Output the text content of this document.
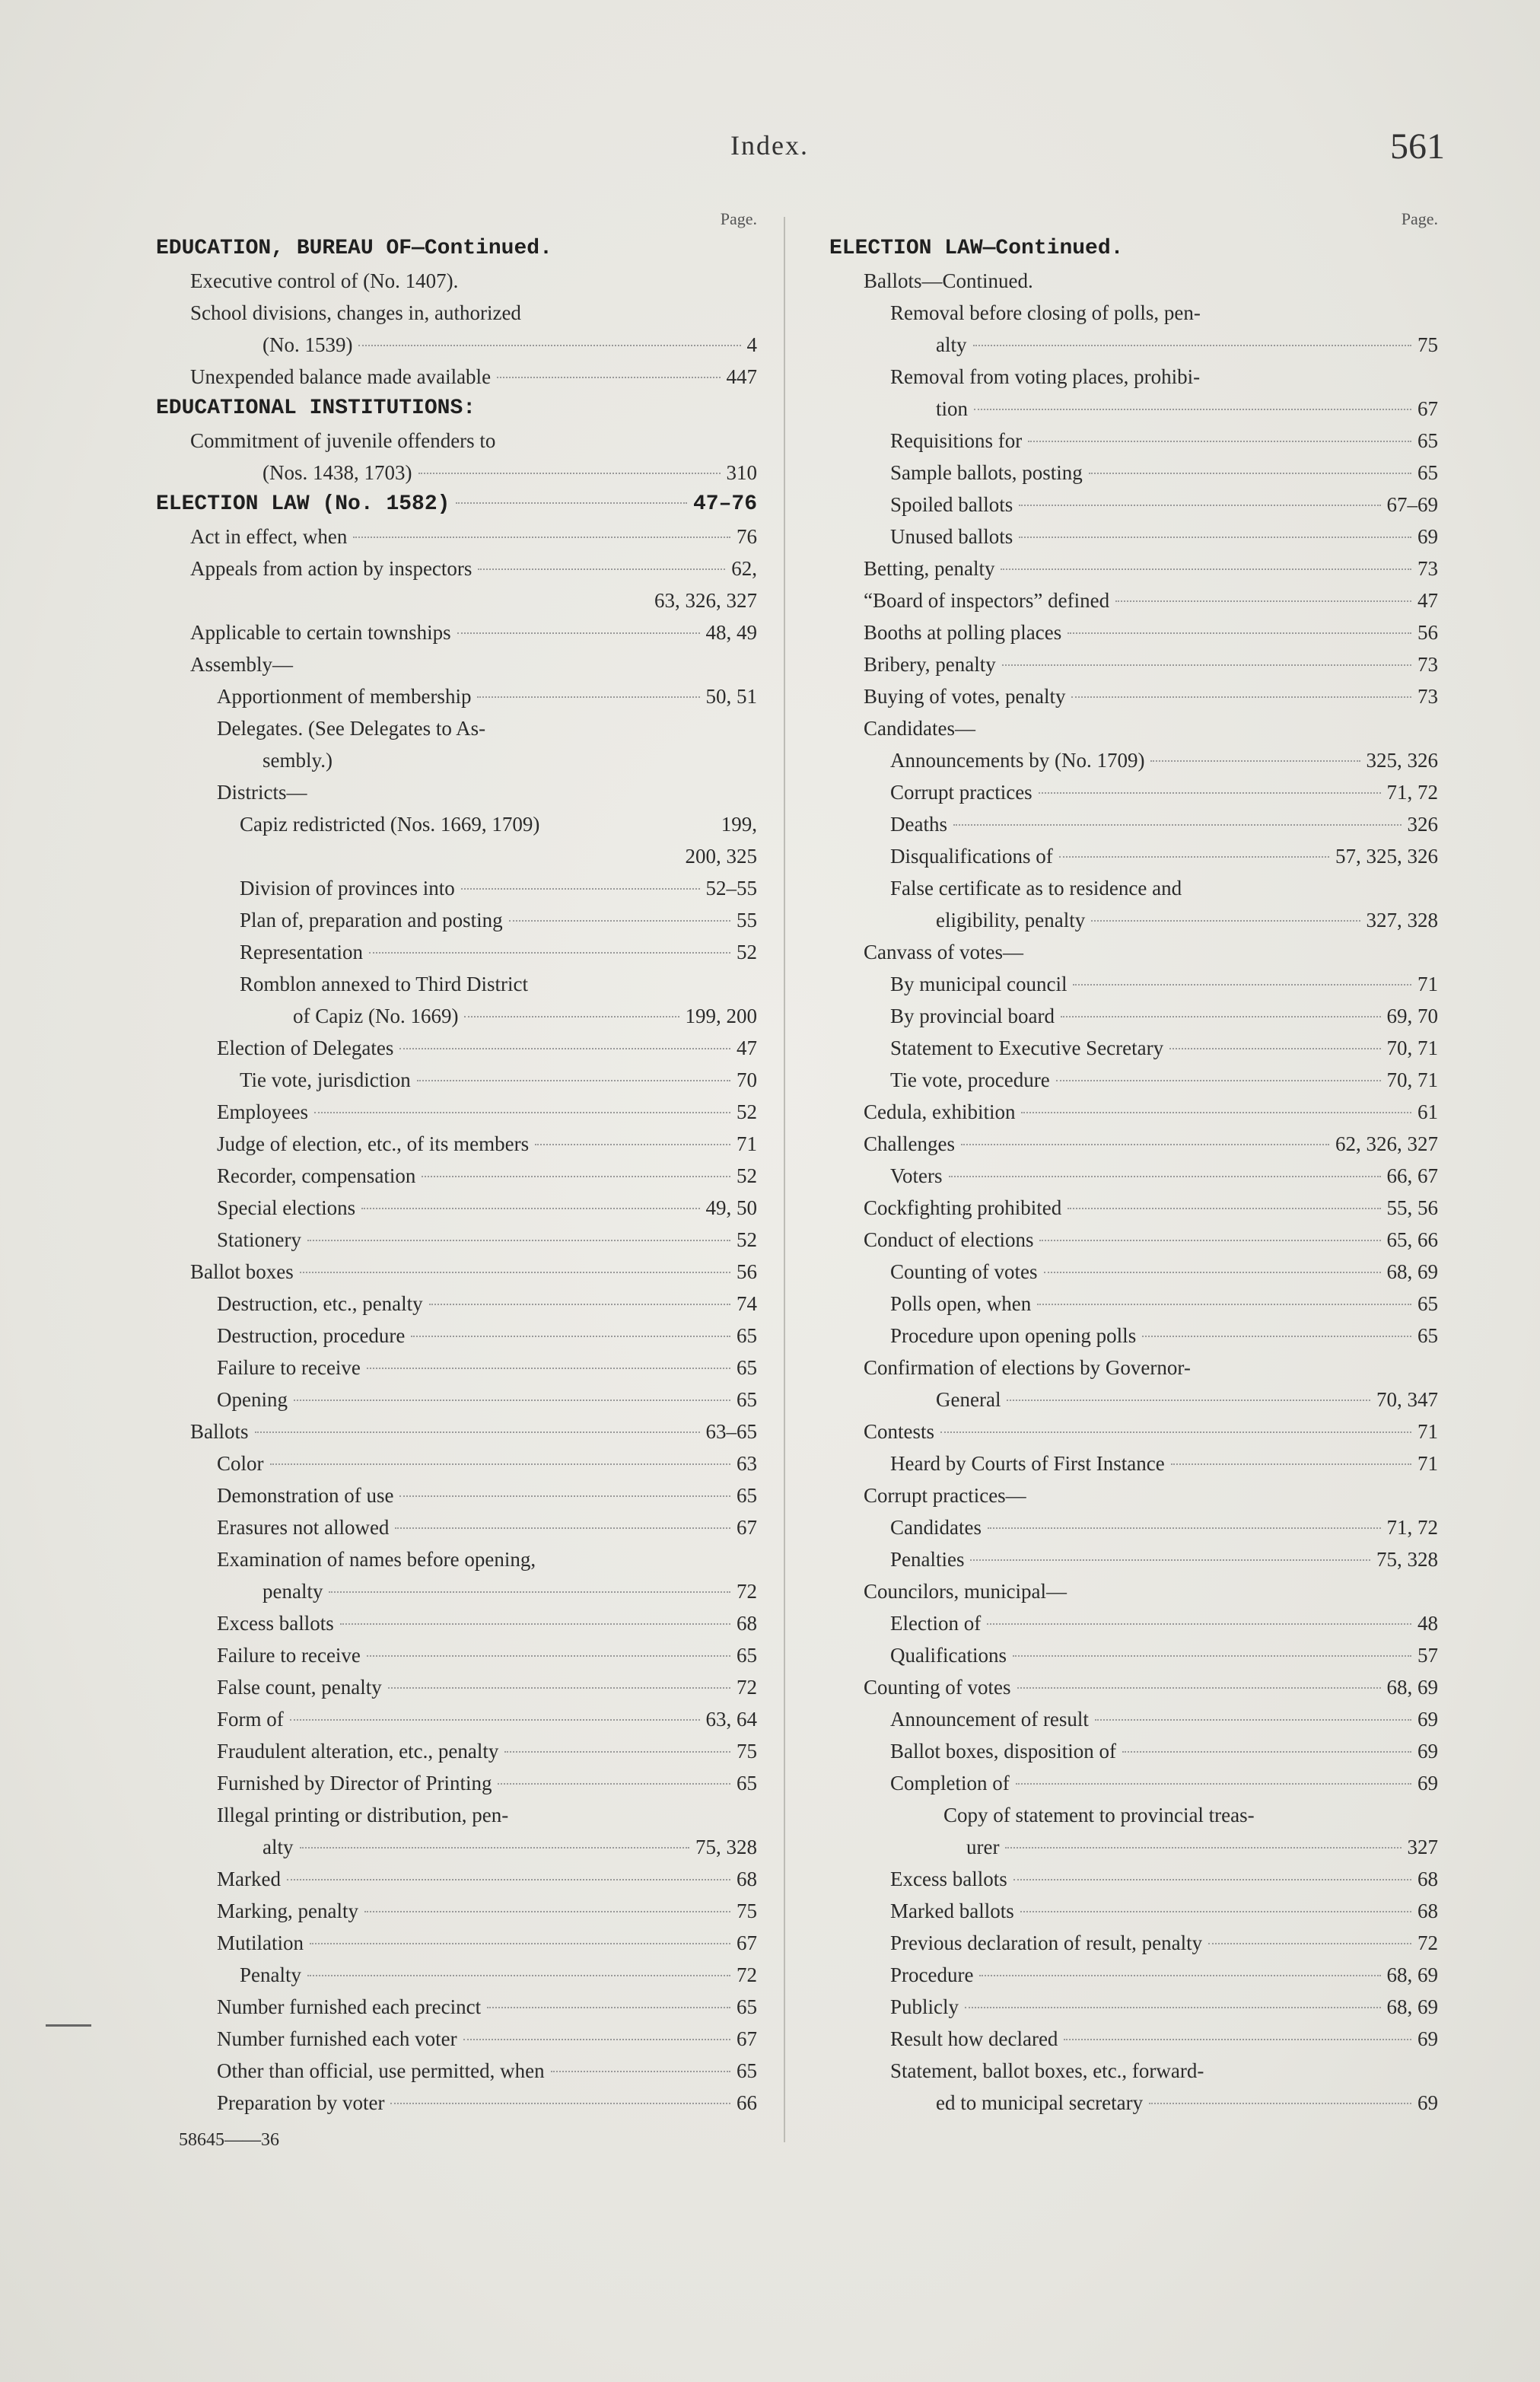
Index.	561
Page.
EDUCATION, BUREAU OF—Continued.
Executive control of (No. 1407).
School divisions, changes in, authorized
(No. 1539)	4
Unexpended balance made available	447
EDUCATIONAL INSTITUTIONS:
Commitment of juvenile offenders to
(Nos. 1438, 1703)	310
ELECTION LAW (No. 1582)	47–76
Act in effect, when	76
Appeals from action by inspectors	62,
63, 326, 327
Applicable to certain townships	48, 49
Assembly—
Apportionment of membership	50, 51
Delegates. (See Delegates to As-
sembly.)
Districts—
Capiz redistricted (Nos. 1669, 1709)	199,
200, 325
Division of provinces into	52–55
Plan of, preparation and posting	55
Representation	52
Romblon annexed to Third District
of Capiz (No. 1669)	199, 200
Election of Delegates	47
Tie vote, jurisdiction	70
Employees	52
Judge of election, etc., of its members	71
Recorder, compensation	52
Special elections	49, 50
Stationery	52
Ballot boxes	56
Destruction, etc., penalty	74
Destruction, procedure	65
Failure to receive	65
Opening	65
Ballots	63–65
Color	63
Demonstration of use	65
Erasures not allowed	67
Examination of names before opening,
penalty	72
Excess ballots	68
Failure to receive	65
False count, penalty	72
Form of	63, 64
Fraudulent alteration, etc., penalty	75
Furnished by Director of Printing	65
Illegal printing or distribution, pen-
alty	75, 328
Marked	68
Marking, penalty	75
Mutilation	67
Penalty	72
Number furnished each precinct	65
Number furnished each voter	67
Other than official, use permitted, when	65
Preparation by voter	66
58645——36
Page.
ELECTION LAW—Continued.
Ballots—Continued.
Removal before closing of polls, pen-
alty	75
Removal from voting places, prohibi-
tion	67
Requisitions for	65
Sample ballots, posting	65
Spoiled ballots	67–69
Unused ballots	69
Betting, penalty	73
“Board of inspectors” defined	47
Booths at polling places	56
Bribery, penalty	73
Buying of votes, penalty	73
Candidates—
Announcements by (No. 1709)	325, 326
Corrupt practices	71, 72
Deaths	326
Disqualifications of	57, 325, 326
False certificate as to residence and
eligibility, penalty	327, 328
Canvass of votes—
By municipal council	71
By provincial board	69, 70
Statement to Executive Secretary	70, 71
Tie vote, procedure	70, 71
Cedula, exhibition	61
Challenges	62, 326, 327
Voters	66, 67
Cockfighting prohibited	55, 56
Conduct of elections	65, 66
Counting of votes	68, 69
Polls open, when	65
Procedure upon opening polls	65
Confirmation of elections by Governor-
General	70, 347
Contests	71
Heard by Courts of First Instance	71
Corrupt practices—
Candidates	71, 72
Penalties	75, 328
Councilors, municipal—
Election of	48
Qualifications	57
Counting of votes	68, 69
Announcement of result	69
Ballot boxes, disposition of	69
Completion of	69
Copy of statement to provincial treas-
urer	327
Excess ballots	68
Marked ballots	68
Previous declaration of result, penalty	72
Procedure	68, 69
Publicly	68, 69
Result how declared	69
Statement, ballot boxes, etc., forward-
ed to municipal secretary	69
